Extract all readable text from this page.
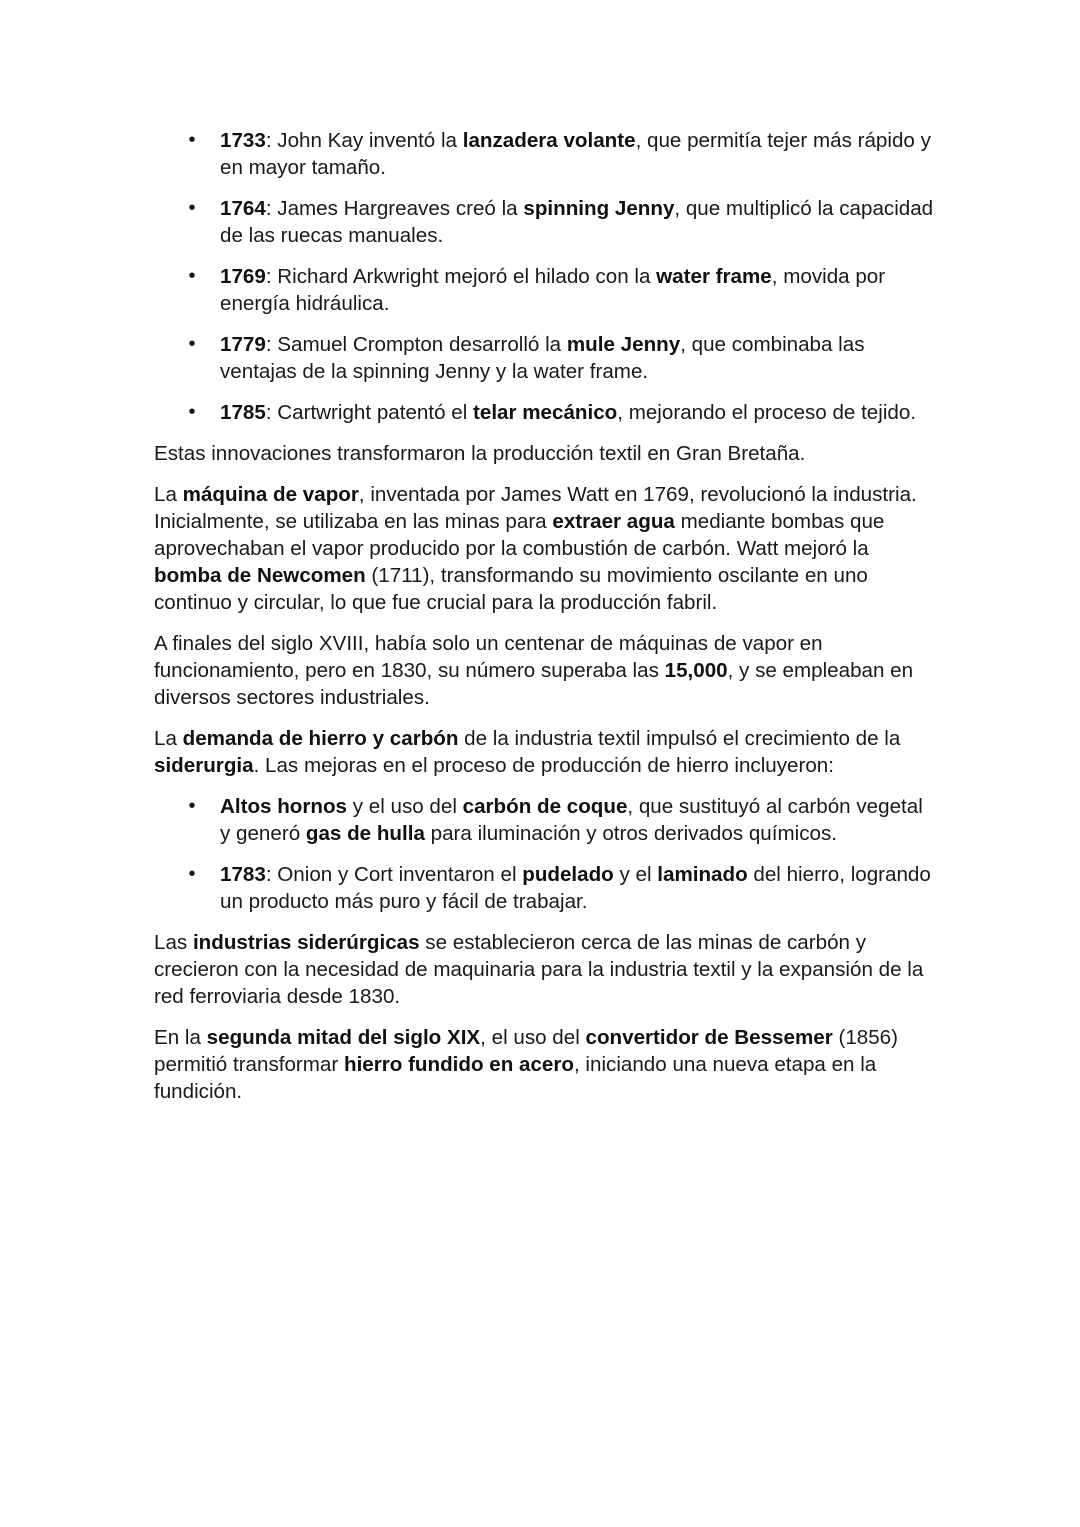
• 1733: John Kay inventó la lanzadera volante, que permitía tejer más rápido y en mayor tamaño.
• 1764: James Hargreaves creó la spinning Jenny, que multiplicó la capacidad de las ruecas manuales.
• 1769: Richard Arkwright mejoró el hilado con la water frame, movida por energía hidráulica.
• 1779: Samuel Crompton desarrolló la mule Jenny, que combinaba las ventajas de la spinning Jenny y la water frame.
• 1785: Cartwright patentó el telar mecánico, mejorando el proceso de tejido.

Estas innovaciones transformaron la producción textil en Gran Bretaña.

La máquina de vapor, inventada por James Watt en 1769, revolucionó la industria. Inicialmente, se utilizaba en las minas para extraer agua mediante bombas que aprovechaban el vapor producido por la combustión de carbón. Watt mejoró la bomba de Newcomen (1711), transformando su movimiento oscilante en uno continuo y circular, lo que fue crucial para la producción fabril.

A finales del siglo XVIII, había solo un centenar de máquinas de vapor en funcionamiento, pero en 1830, su número superaba las 15,000, y se empleaban en diversos sectores industriales.

La demanda de hierro y carbón de la industria textil impulsó el crecimiento de la siderurgia. Las mejoras en el proceso de producción de hierro incluyeron:

• Altos hornos y el uso del carbón de coque, que sustituyó al carbón vegetal y generó gas de hulla para iluminación y otros derivados químicos.
• 1783: Onion y Cort inventaron el pudelado y el laminado del hierro, logrando un producto más puro y fácil de trabajar.

Las industrias siderúrgicas se establecieron cerca de las minas de carbón y crecieron con la necesidad de maquinaria para la industria textil y la expansión de la red ferroviaria desde 1830.

En la segunda mitad del siglo XIX, el uso del convertidor de Bessemer (1856) permitió transformar hierro fundido en acero, iniciando una nueva etapa en la fundición.
